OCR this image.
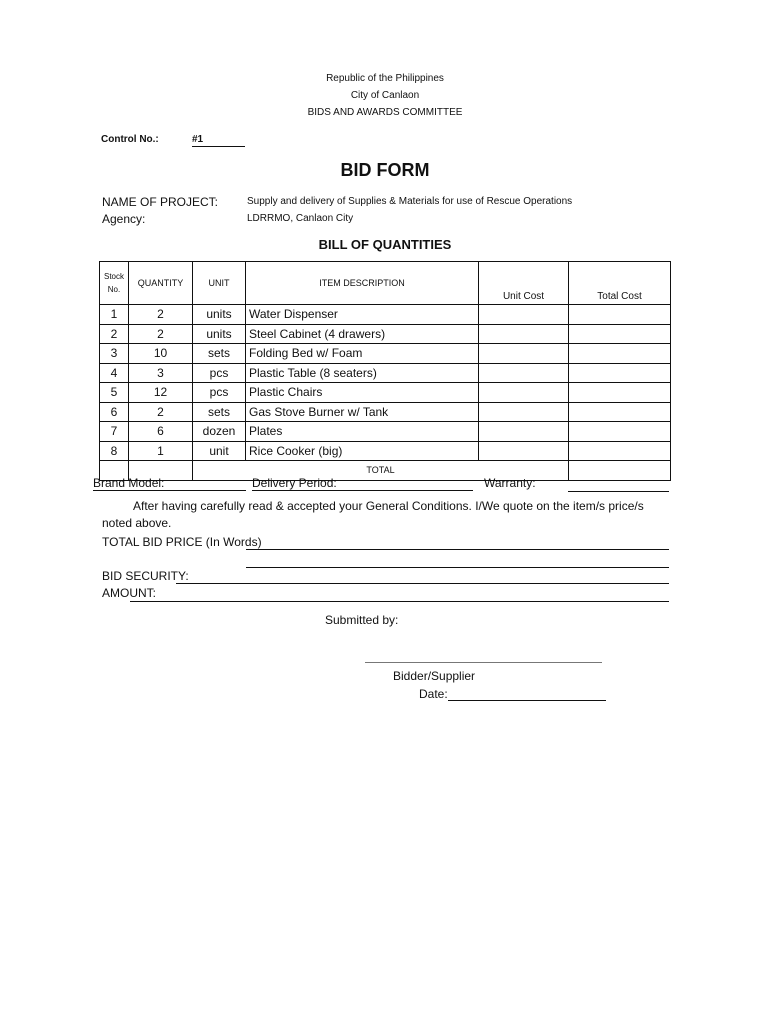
Republic of the Philippines
City of Canlaon
BIDS AND AWARDS COMMITTEE
Control No.:	#1
BID FORM
NAME OF PROJECT:	Supply and delivery of Supplies & Materials for use of Rescue Operations
Agency:	LDRRMO, Canlaon City
BILL OF QUANTITIES
Stock No.	QUANTITY	UNIT	ITEM DESCRIPTION	Unit Cost	Total Cost
1	2	units	Water Dispenser		
2	2	units	Steel Cabinet (4 drawers)		
3	10	sets	Folding Bed w/ Foam		
4	3	pcs	Plastic Table (8 seaters)		
5	12	pcs	Plastic Chairs		
6	2	sets	Gas Stove Burner w/ Tank		
7	6	dozen	Plates		
8	1	unit	Rice Cooker (big)		
		TOTAL			
Brand Model:	Delivery Period:	Warranty:
After having carefully read & accepted your General Conditions. I/We quote on the item/s price/s
noted above.
TOTAL BID PRICE (In Words)
BID SECURITY:
AMOUNT:
Submitted by:
Bidder/Supplier
Date:
